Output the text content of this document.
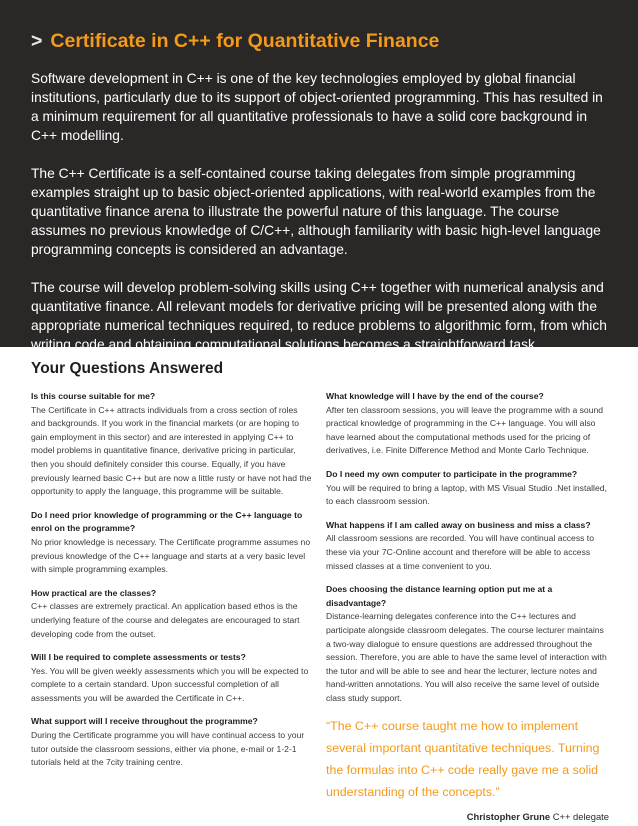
> Certificate in C++ for Quantitative Finance

Software development in C++ is one of the key technologies employed by global financial institutions, particularly due to its support of object-oriented programming. This has resulted in a minimum requirement for all quantitative professionals to have a solid core background in C++ modelling.

The C++ Certificate is a self-contained course taking delegates from simple programming examples straight up to basic object-oriented applications, with real-world examples from the quantitative finance arena to illustrate the powerful nature of this language. The course assumes no previous knowledge of C/C++, although familiarity with basic high-level language programming concepts is considered an advantage.

The course will develop problem-solving skills using C++ together with numerical analysis and quantitative finance. All relevant models for derivative pricing will be presented along with the appropriate numerical techniques required, to reduce problems to algorithmic form, from which writing code and obtaining computational solutions becomes a straightforward task.

Your Questions Answered
Is this course suitable for me?
The Certificate in C++ attracts individuals from a cross section of roles and backgrounds. If you work in the financial markets (or are hoping to gain employment in this sector) and are interested in applying C++ to model problems in quantitative finance, derivative pricing in particular, then you should definitely consider this course. Equally, if you have previously learned basic C++ but are now a little rusty or have not had the opportunity to apply the language, this programme will be suitable.
Do I need prior knowledge of programming or the C++ language to enrol on the programme?
No prior knowledge is necessary. The Certificate programme assumes no previous knowledge of the C++ language and starts at a very basic level with simple programming examples.
How practical are the classes?
C++ classes are extremely practical. An application based ethos is the underlying feature of the course and delegates are encouraged to start developing code from the outset.
Will I be required to complete assessments or tests?
Yes. You will be given weekly assessments which you will be expected to complete to a certain standard. Upon successful completion of all assessments you will be awarded the Certificate in C++.
What support will I receive throughout the programme?
During the Certificate programme you will have continual access to your tutor outside the classroom sessions, either via phone, e-mail or 1-2-1 tutorials held at the 7city training centre.
What knowledge will I have by the end of the course?
After ten classroom sessions, you will leave the programme with a sound practical knowledge of programming in the C++ language. You will also have learned about the computational methods used for the pricing of derivatives, i.e. Finite Difference Method and Monte Carlo Technique.
Do I need my own computer to participate in the programme?
You will be required to bring a laptop, with MS Visual Studio .Net installed, to each classroom session.
What happens if I am called away on business and miss a class?
All classroom sessions are recorded. You will have continual access to these via your 7C-Online account and therefore will be able to access missed classes at a time convenient to you.
Does choosing the distance learning option put me at a disadvantage?
Distance-learning delegates conference into the C++ lectures and participate alongside classroom delegates. The course lecturer maintains a two-way dialogue to ensure questions are addressed throughout the session. Therefore, you are able to have the same level of interaction with the tutor and will be able to see and hear the lecturer, lecture notes and hand-written annotations. You will also receive the same level of outside class study support.
“The C++ course taught me how to implement several important quantitative techniques. Turning the formulas into C++ code really gave me a solid understanding of the concepts.”
Christopher Grune C++ delegate
